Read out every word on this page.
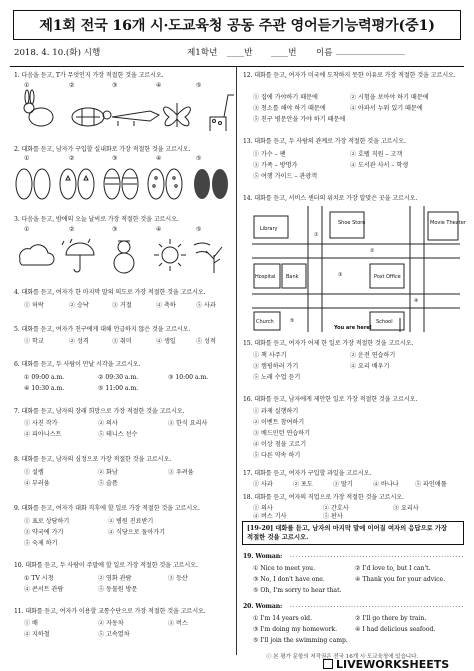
제1회 전국 16개 시·도교육청 공동 주관 영어듣기능력평가(중1)
2018. 4. 10.(화) 시행	제1학년 ____반 ____번 이름 ________________
1. 다음을 듣고, T가 무엇인지 가장 적절한 것을 고르시오.
①	②	③	④	⑤
2. 대화를 듣고, 남자가 구입할 실내화로 가장 적절한 것을 고르시오.
①	②	③	④	⑤
3. 다음을 듣고, 밤에의 오늘 날씨로 가장 적절한 것을 고르시오.
①	②	③	④	⑤
4. 대화를 듣고, 여자가 한 마지막 말의 의도로 가장 적절한 것을 고르시오.
① 허락	② 승낙	③ 거절	④ 축하	⑤ 사과
5. 대화를 듣고, 여자가 친구에게 대해 언급하지 않은 것을 고르시오.
① 학교	② 성격	③ 취미	④ 생일	⑤ 성적
6. 대화를 듣고, 두 사람이 만날 시각을 고르시오.
① 09:00 a.m.	② 09:30 a.m.	③ 10:00 a.m.
④ 10:30 a.m.	⑤ 11:00 a.m.
7. 대화를 듣고, 남자의 장래 희망으로 가장 적절한 것을 고르시오.
① 사진 작가	② 의사	③ 한식 요리사
④ 피아니스트	⑤ 테니스 선수
8. 대화를 듣고, 남자의 심정으로 가장 적절한 것을 고르시오.
① 설렘	② 화남	③ 우려움
④ 부러움	⑤ 슬픔
9. 대화를 듣고, 여자가 대화 직후에 할 일로 가장 적절한 것을 고르시오.
① 표로 상담하기	② 병원 진료받기
③ 약국에 가기	④ 식당으로 돌아가기
⑤ 숙제 하기
10. 대화를 듣고, 두 사람이 주말에 할 일로 가장 적절한 것을 고르시오.
① TV 시청	② 영화 관람	③ 등산
④ 콘서트 관람	⑤ 동물원 방문
11. 대화를 듣고, 여자가 이용할 교통수단으로 가장 적절한 것을 고르시오.
① 배	② 자동차	③ 버스
④ 지하철	⑤ 고속열차
12. 대화를 듣고, 여자가 미국에 도착하지 못한 이유로 가장 적절한 것을 고르시오.
① 집에 가야하기 때문에	② 시험을 보아야 하기 때문에
③ 청소를 해야 하기 때문에	④ 아파서 누워 있기 때문에
⑤ 친구 병문안을 가야 하기 때문에
13. 대화를 듣고, 두 사람의 관계로 가장 적절한 것을 고르시오.
① 가수 – 팬	② 호텔 직원 – 고객
③ 가족 – 방명가	④ 도서관 사서 – 학생
⑤ 여행 가이드 – 관광객
14. 대화를 듣고, 서비스 센터의 위치로 가장 알맞은 곳을 고르시오.
Library
Shoe Store	Movie Theater
Hospital Bank	Post Office
Church	School
You are here!
①
②
③
④
⑤
15. 대화를 듣고, 여자가 어제 한 일로 가장 적절한 것을 고르시오.
① 책 사주기	② 운전 연습하기
③ 캠핑하러 가기	④ 요리 배우기
⑤ 노래 수업 듣기
16. 대화를 듣고, 남자에게 제안한 일로 가장 적절한 것을 고르시오.
① 과제 실행하기
② 이벤트 참여하기
③ 배드민턴 연습하기
④ 이상 점을 고르기
⑤ 다른 약속 하기
17. 대화를 듣고, 여자가 구입할 과일을 고르시오.
① 사과	② 포도	③ 딸기	④ 바나나	⑤ 파인애플
18. 대화를 듣고, 여자의 직업으로 가장 적절한 것을 고르시오.
① 의사	② 간호사	③ 요리사
④ 버스 기사	⑤ 판사
[19-20] 대화를 듣고, 남자의 마지막 말에 이어질 여자의 응답으로 가장
적절한 것을 고르시오.
19. Woman: ............................................................
① Nice to meet you.	② I'd love to, but I can't.
③ No, I don't have one.	④ Thank you for your advice.
⑤ Oh, I'm sorry to hear that.
20. Woman: ............................................................
① I'm 14 years old.	② I'll go there by train.
③ I'm doing my homework.	④ I had delicious seafood.
⑤ I'll join the swimming camp.
ⓒ 본 평가 문항의 저작권은 전국 16개 시·도교육청에 있습니다.
LIVEWORKSHEETS
